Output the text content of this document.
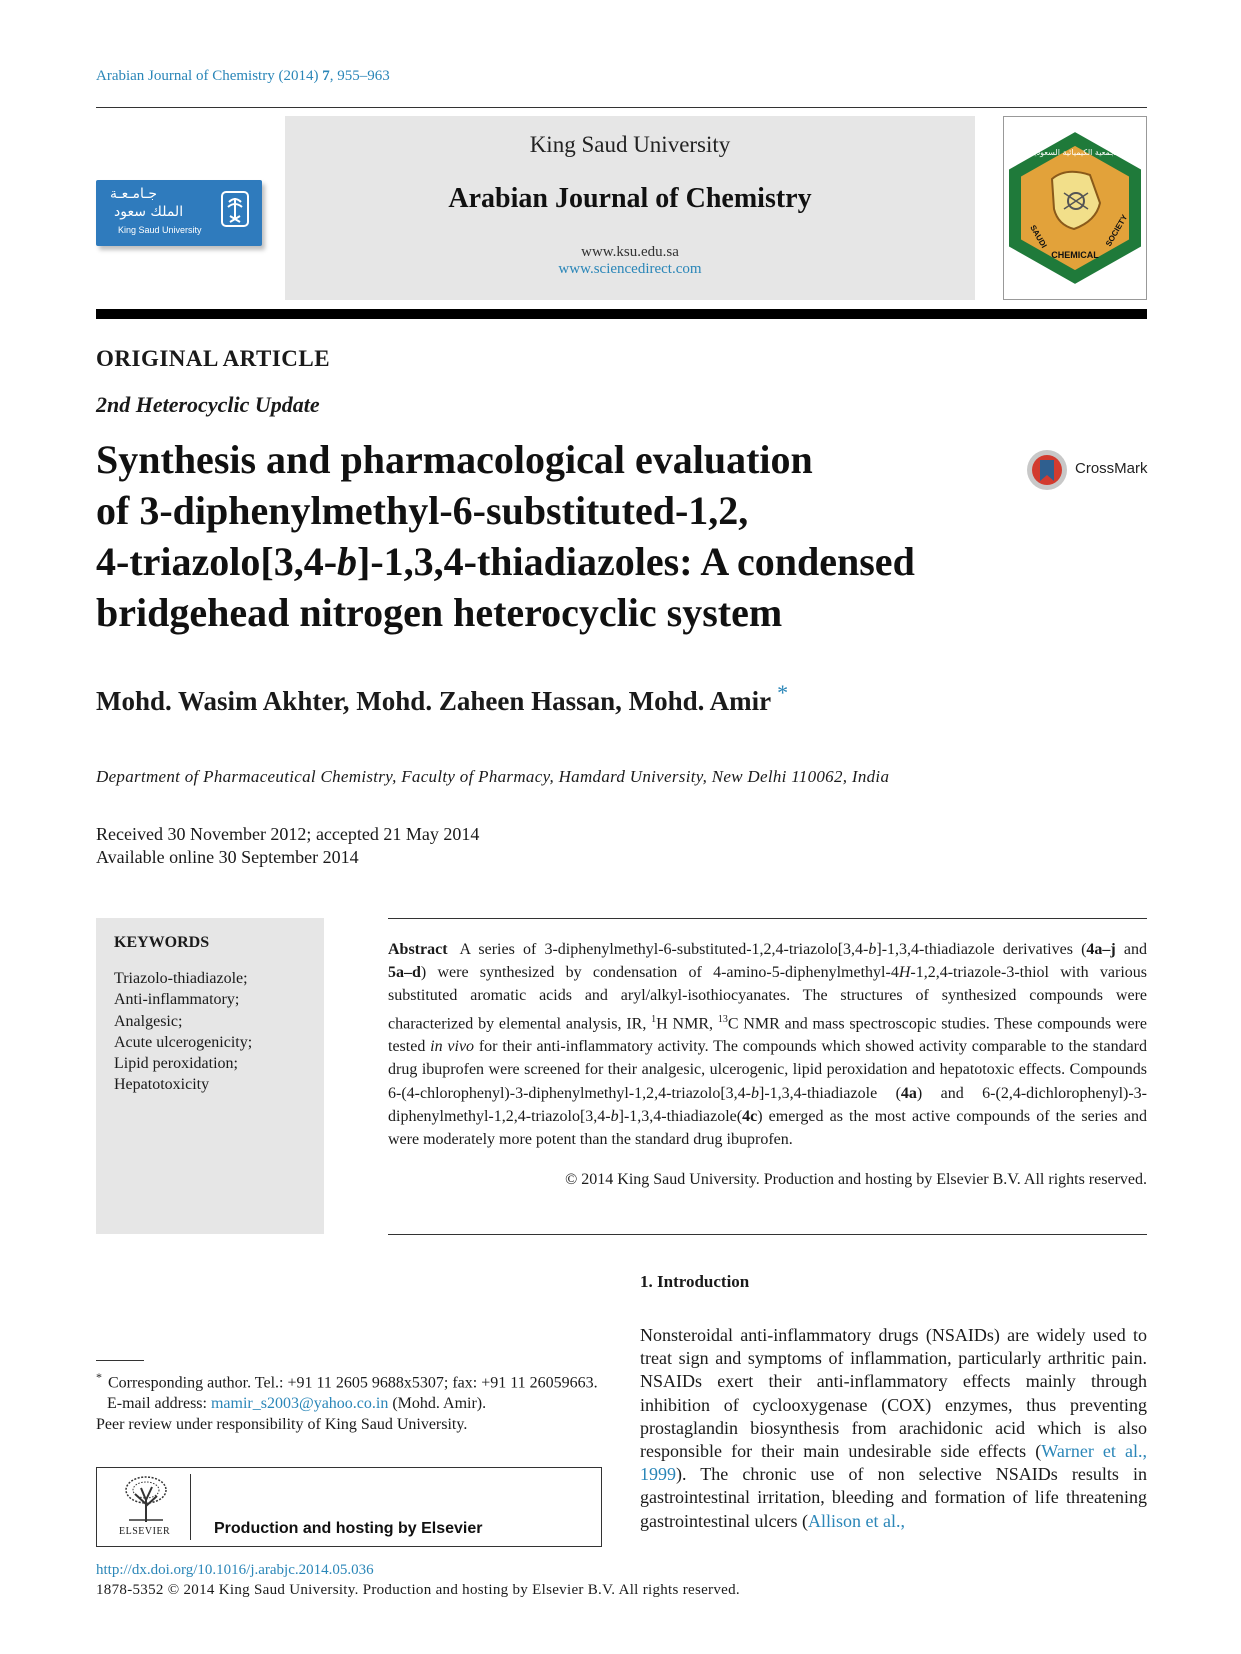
Arabian Journal of Chemistry (2014) 7, 955–963
جـامـعـة
الملك سعود
King Saud University
King Saud University
Arabian Journal of Chemistry
www.ksu.edu.sa
www.sciencedirect.com
الجمعية الكيميائية السعودية
SAUDI
CHEMICAL
SOCIETY
ORIGINAL ARTICLE
2nd Heterocyclic Update
Synthesis and pharmacological evaluation
of 3-diphenylmethyl-6-substituted-1,2,
4-triazolo[3,4-b]-1,3,4-thiadiazoles: A condensed
bridgehead nitrogen heterocyclic system
CrossMark
Mohd. Wasim Akhter, Mohd. Zaheen Hassan, Mohd. Amir *
Department of Pharmaceutical Chemistry, Faculty of Pharmacy, Hamdard University, New Delhi 110062, India
Received 30 November 2012; accepted 21 May 2014
Available online 30 September 2014
KEYWORDS
Triazolo-thiadiazole;
Anti-inflammatory;
Analgesic;
Acute ulcerogenicity;
Lipid peroxidation;
Hepatotoxicity
Abstract A series of 3-diphenylmethyl-6-substituted-1,2,4-triazolo[3,4-b]-1,3,4-thiadiazole derivatives (4a–j and 5a–d) were synthesized by condensation of 4-amino-5-diphenylmethyl-4H-1,2,4-triazole-3-thiol with various substituted aromatic acids and aryl/alkyl-isothiocyanates. The structures of synthesized compounds were characterized by elemental analysis, IR, $^1$H NMR, $^{13}$C NMR and mass spectroscopic studies. These compounds were tested in vivo for their anti-inflammatory activity. The compounds which showed activity comparable to the standard drug ibuprofen were screened for their analgesic, ulcerogenic, lipid peroxidation and hepatotoxic effects. Compounds 6-(4-chlorophenyl)-3-diphenylmethyl-1,2,4-triazolo[3,4-b]-1,3,4-thiadiazole (4a) and 6-(2,4-dichlorophenyl)-3-diphenylmethyl-1,2,4-triazolo[3,4-b]-1,3,4-thiadiazole(4c) emerged as the most active compounds of the series and were moderately more potent than the standard drug ibuprofen.
© 2014 King Saud University. Production and hosting by Elsevier B.V. All rights reserved.
1. Introduction
Nonsteroidal anti-inflammatory drugs (NSAIDs) are widely used to treat sign and symptoms of inflammation, particularly arthritic pain. NSAIDs exert their anti-inflammatory effects mainly through inhibition of cyclooxygenase (COX) enzymes, thus preventing prostaglandin biosynthesis from arachidonic acid which is also responsible for their main undesirable side effects (Warner et al., 1999). The chronic use of non selective NSAIDs results in gastrointestinal irritation, bleeding and formation of life threatening gastrointestinal ulcers (Allison et al.,
* Corresponding author. Tel.: +91 11 2605 9688x5307; fax: +91 11 26059663.
E-mail address: mamir_s2003@yahoo.co.in (Mohd. Amir).
Peer review under responsibility of King Saud University.
ELSEVIER	Production and hosting by Elsevier
http://dx.doi.org/10.1016/j.arabjc.2014.05.036
1878-5352 © 2014 King Saud University. Production and hosting by Elsevier B.V. All rights reserved.
